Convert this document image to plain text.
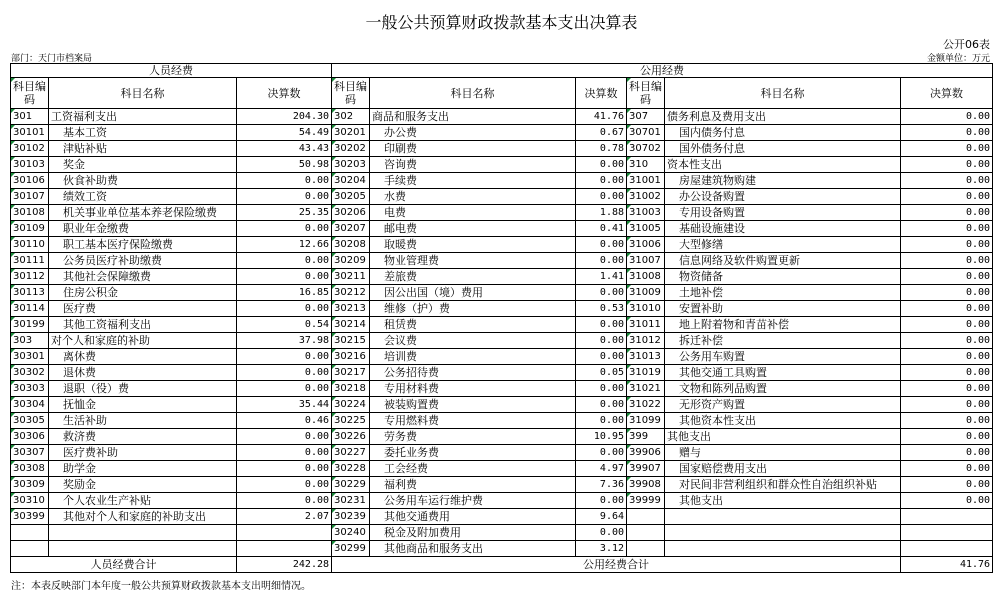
一般公共预算财政拨款基本支出决算表
公开06表
部门：天门市档案局	金额单位：万元
人员经费			公用经费					
科目编码	科目名称	决算数	科目编码	科目名称	决算数	科目编码	科目名称	决算数
301	工资福利支出	204.30	302	商品和服务支出	41.76	307	债务利息及费用支出	0.00
30101	基本工资	54.49	30201	办公费	0.67	30701	国内债务付息	0.00
30102	津贴补贴	43.43	30202	印刷费	0.78	30702	国外债务付息	0.00
30103	奖金	50.98	30203	咨询费	0.00	310	资本性支出	0.00
30106	伙食补助费	0.00	30204	手续费	0.00	31001	房屋建筑物购建	0.00
30107	绩效工资	0.00	30205	水费	0.00	31002	办公设备购置	0.00
30108	机关事业单位基本养老保险缴费	25.35	30206	电费	1.88	31003	专用设备购置	0.00
30109	职业年金缴费	0.00	30207	邮电费	0.41	31005	基础设施建设	0.00
30110	职工基本医疗保险缴费	12.66	30208	取暖费	0.00	31006	大型修缮	0.00
30111	公务员医疗补助缴费	0.00	30209	物业管理费	0.00	31007	信息网络及软件购置更新	0.00
30112	其他社会保障缴费	0.00	30211	差旅费	1.41	31008	物资储备	0.00
30113	住房公积金	16.85	30212	因公出国（境）费用	0.00	31009	土地补偿	0.00
30114	医疗费	0.00	30213	维修（护）费	0.53	31010	安置补助	0.00
30199	其他工资福利支出	0.54	30214	租赁费	0.00	31011	地上附着物和青苗补偿	0.00
303	对个人和家庭的补助	37.98	30215	会议费	0.00	31012	拆迁补偿	0.00
30301	离休费	0.00	30216	培训费	0.00	31013	公务用车购置	0.00
30302	退休费	0.00	30217	公务招待费	0.05	31019	其他交通工具购置	0.00
30303	退职（役）费	0.00	30218	专用材料费	0.00	31021	文物和陈列品购置	0.00
30304	抚恤金	35.44	30224	被装购置费	0.00	31022	无形资产购置	0.00
30305	生活补助	0.46	30225	专用燃料费	0.00	31099	其他资本性支出	0.00
30306	救济费	0.00	30226	劳务费	10.95	399	其他支出	0.00
30307	医疗费补助	0.00	30227	委托业务费	0.00	39906	赠与	0.00
30308	助学金	0.00	30228	工会经费	4.97	39907	国家赔偿费用支出	0.00
30309	奖励金	0.00	30229	福利费	7.36	39908	对民间非营利组织和群众性自治组织补贴	0.00
30310	个人农业生产补贴	0.00	30231	公务用车运行维护费	0.00	39999	其他支出	0.00
30399	其他对个人和家庭的补助支出	2.07	30239	其他交通费用	9.64			
			30240	税金及附加费用	0.00			
			30299	其他商品和服务支出	3.12			
人员经费合计		242.28	公用经费合计					41.76
注：本表反映部门本年度一般公共预算财政拨款基本支出明细情况。
